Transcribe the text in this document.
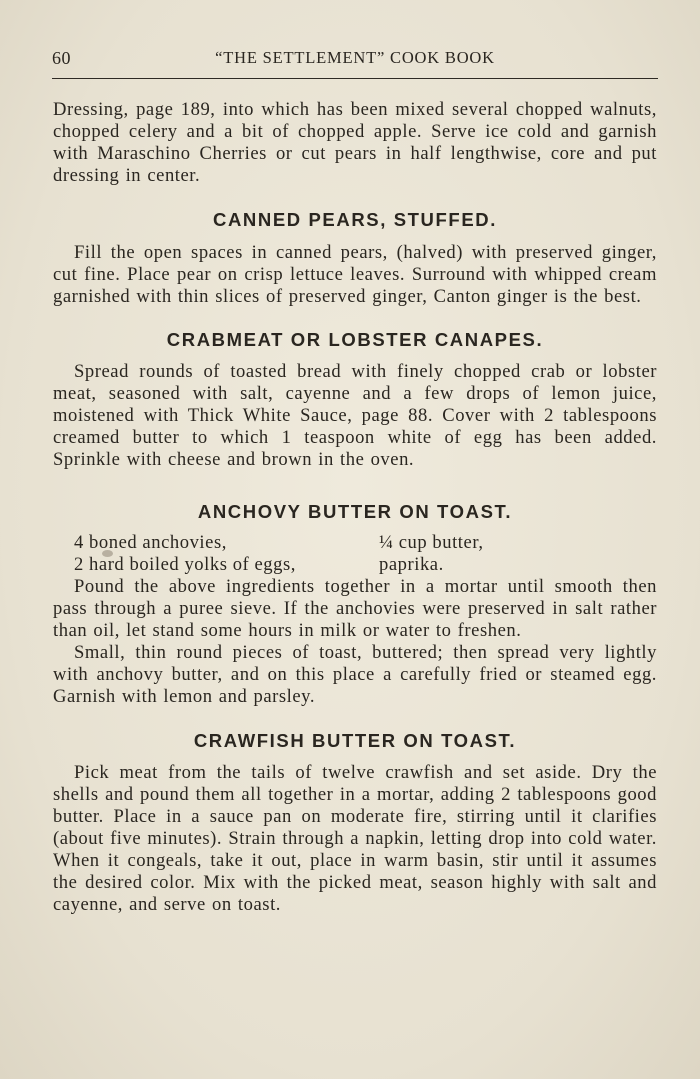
60	“THE SETTLEMENT” COOK BOOK

Dressing, page 189, into which has been mixed several chopped walnuts, chopped celery and a bit of chopped apple. Serve ice cold and garnish with Maraschino Cherries or cut pears in half lengthwise, core and put dressing in center.

CANNED PEARS, STUFFED.

Fill the open spaces in canned pears, (halved) with preserved ginger, cut fine. Place pear on crisp lettuce leaves. Surround with whipped cream garnished with thin slices of preserved ginger, Canton ginger is the best.

CRABMEAT OR LOBSTER CANAPES.

Spread rounds of toasted bread with finely chopped crab or lobster meat, seasoned with salt, cayenne and a few drops of lemon juice, moistened with Thick White Sauce, page 88. Cover with 2 tablespoons creamed butter to which 1 teaspoon white of egg has been added. Sprinkle with cheese and brown in the oven.

ANCHOVY BUTTER ON TOAST.
4 boned anchovies,	¼ cup butter,
2 hard boiled yolks of eggs,	paprika.

Pound the above ingredients together in a mortar until smooth then pass through a puree sieve. If the anchovies were preserved in salt rather than oil, let stand some hours in milk or water to freshen.

Small, thin round pieces of toast, buttered; then spread very lightly with anchovy butter, and on this place a carefully fried or steamed egg. Garnish with lemon and parsley.

CRAWFISH BUTTER ON TOAST.

Pick meat from the tails of twelve crawfish and set aside. Dry the shells and pound them all together in a mortar, adding 2 tablespoons good butter. Place in a sauce pan on moderate fire, stirring until it clarifies (about five minutes). Strain through a napkin, letting drop into cold water. When it congeals, take it out, place in warm basin, stir until it assumes the desired color. Mix with the picked meat, season highly with salt and cayenne, and serve on toast.
